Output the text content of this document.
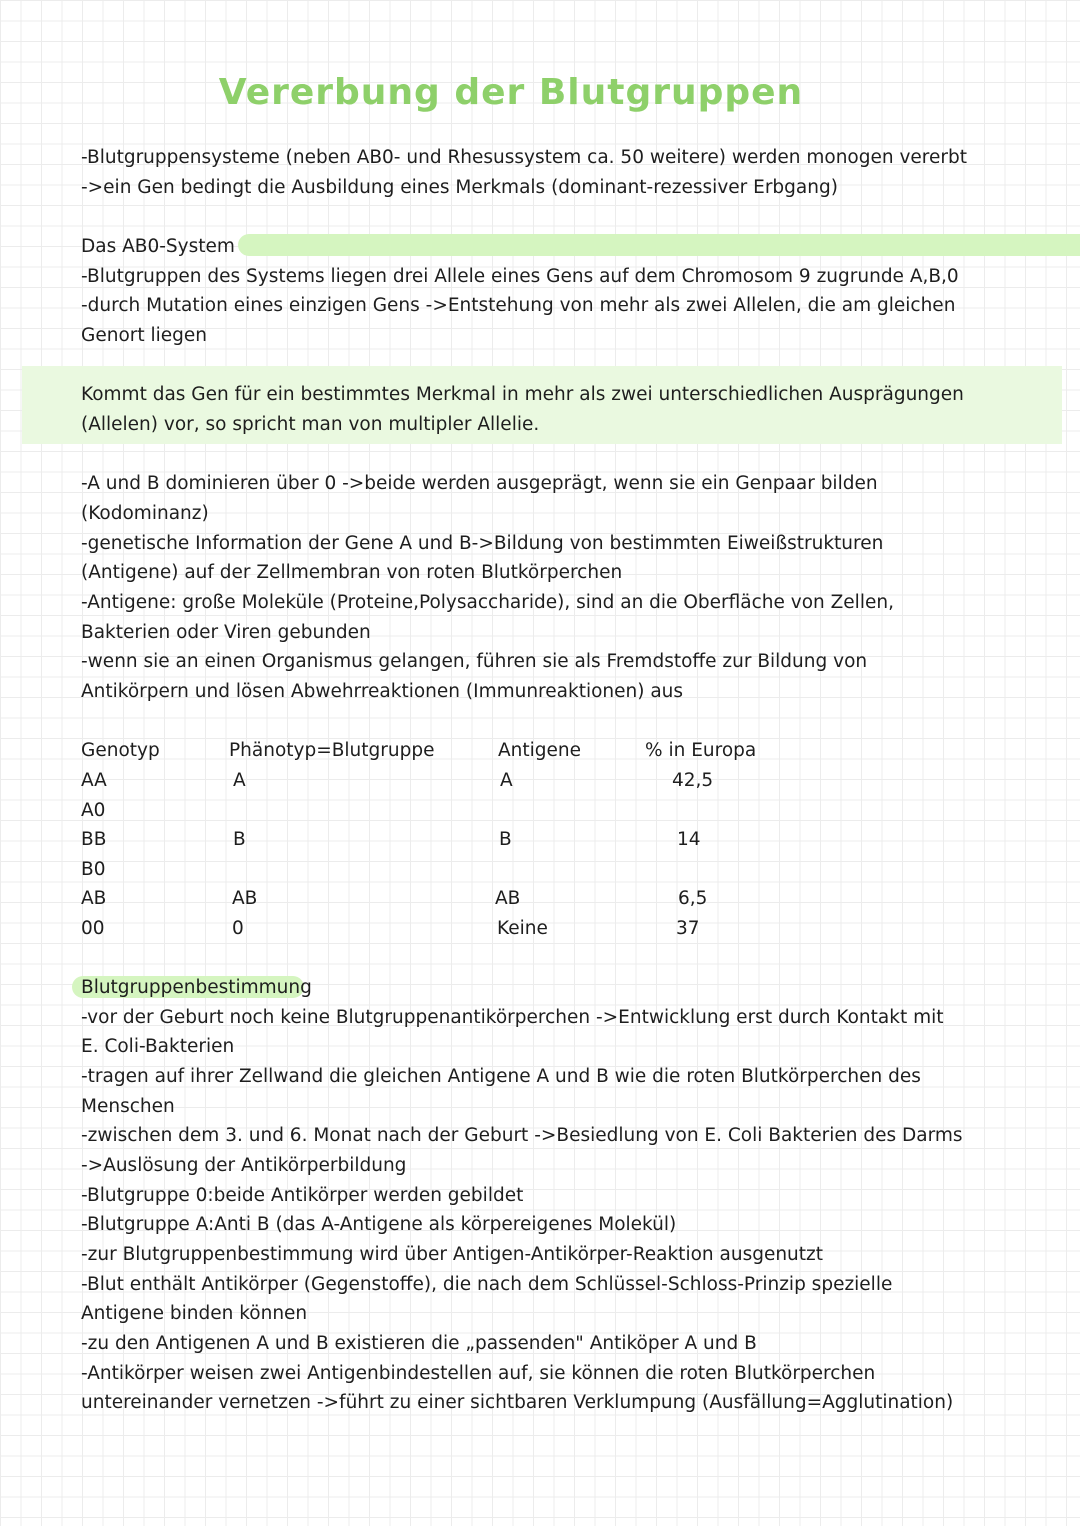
Vererbung der Blutgruppen
-Blutgruppensysteme (neben AB0- und Rhesussystem ca. 50 weitere) werden monogen vererbt
->ein Gen bedingt die Ausbildung eines Merkmals (dominant-rezessiver Erbgang)
Das AB0-System
-Blutgruppen des Systems liegen drei Allele eines Gens auf dem Chromosom 9 zugrunde A,B,0
-durch Mutation eines einzigen Gens ->Entstehung von mehr als zwei Allelen, die am gleichen
Genort liegen
Kommt das Gen für ein bestimmtes Merkmal in mehr als zwei unterschiedlichen Ausprägungen
(Allelen) vor, so spricht man von multipler Allelie.
-A und B dominieren über 0 ->beide werden ausgeprägt, wenn sie ein Genpaar bilden
(Kodominanz)
-genetische Information der Gene A und B->Bildung von bestimmten Eiweißstrukturen
(Antigene) auf der Zellmembran von roten Blutkörperchen
-Antigene: große Moleküle (Proteine,Polysaccharide), sind an die Oberfläche von Zellen,
Bakterien oder Viren gebunden
-wenn sie an einen Organismus gelangen, führen sie als Fremdstoffe zur Bildung von
Antikörpern und lösen Abwehrreaktionen (Immunreaktionen) aus
Genotyp	Phänotyp=Blutgruppe	Antigene	% in Europa
AA	A	A	42,5
A0
BB	B	B	14
B0
AB	AB	AB	6,5
00	0	Keine	37
Blutgruppenbestimmung
-vor der Geburt noch keine Blutgruppenantikörperchen ->Entwicklung erst durch Kontakt mit
E. Coli-Bakterien
-tragen auf ihrer Zellwand die gleichen Antigene A und B wie die roten Blutkörperchen des
Menschen
-zwischen dem 3. und 6. Monat nach der Geburt ->Besiedlung von E. Coli Bakterien des Darms
->Auslösung der Antikörperbildung
-Blutgruppe 0:beide Antikörper werden gebildet
-Blutgruppe A:Anti B (das A-Antigene als körpereigenes Molekül)
-zur Blutgruppenbestimmung wird über Antigen-Antikörper-Reaktion ausgenutzt
-Blut enthält Antikörper (Gegenstoffe), die nach dem Schlüssel-Schloss-Prinzip spezielle
Antigene binden können
-zu den Antigenen A und B existieren die „passenden" Antiköper A und B
-Antikörper weisen zwei Antigenbindestellen auf, sie können die roten Blutkörperchen
untereinander vernetzen ->führt zu einer sichtbaren Verklumpung (Ausfällung=Agglutination)
